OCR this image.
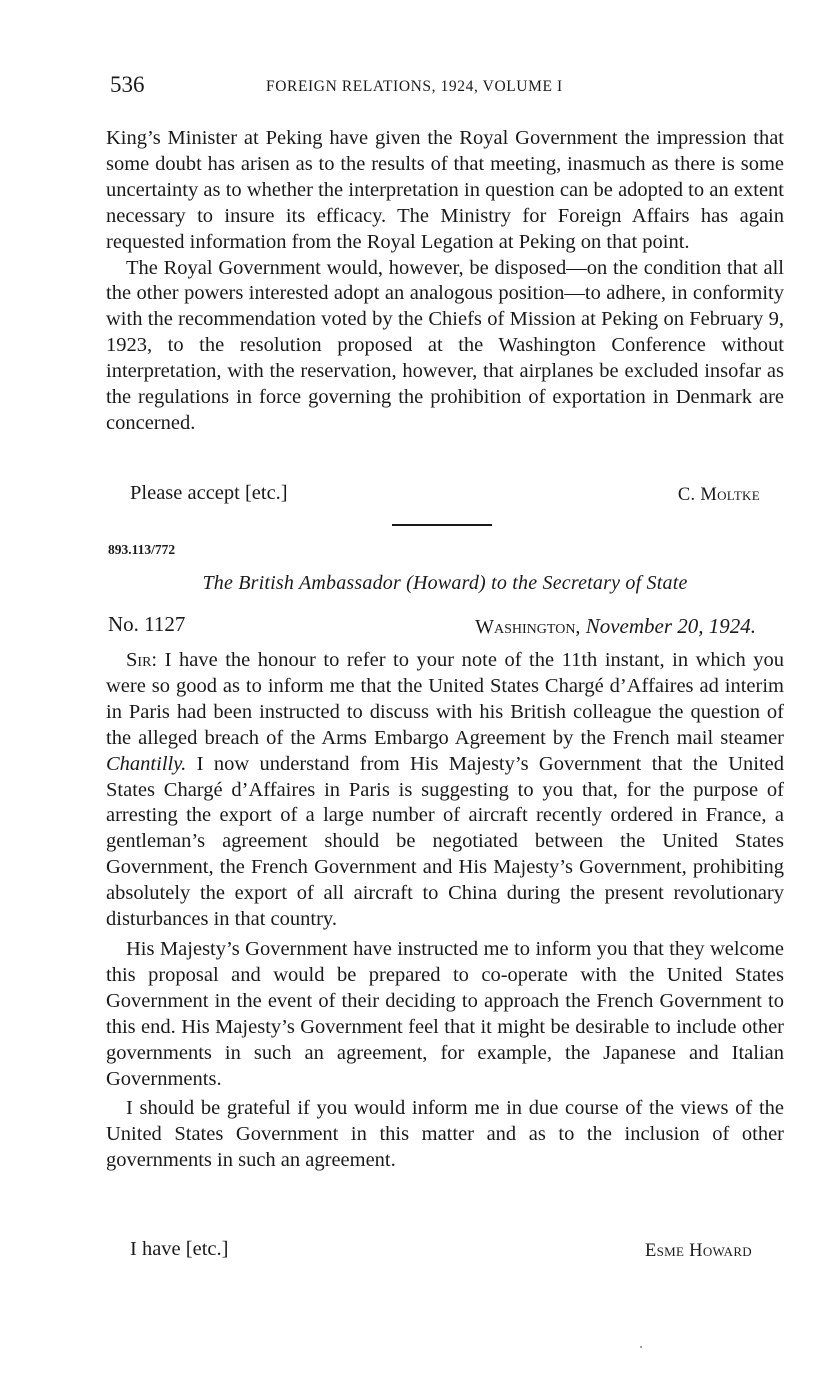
536	FOREIGN RELATIONS, 1924, VOLUME I

King’s Minister at Peking have given the Royal Government the impression that some doubt has arisen as to the results of that meeting, inasmuch as there is some uncertainty as to whether the interpretation in question can be adopted to an extent necessary to insure its efficacy. The Ministry for Foreign Affairs has again requested information from the Royal Legation at Peking on that point.

The Royal Government would, however, be disposed—on the condition that all the other powers interested adopt an analogous position—to adhere, in conformity with the recommendation voted by the Chiefs of Mission at Peking on February 9, 1923, to the resolution proposed at the Washington Conference without interpretation, with the reservation, however, that airplanes be excluded insofar as the regulations in force governing the prohibition of exportation in Denmark are concerned.

Please accept [etc.]	C. Moltke
893.113/772
The British Ambassador (Howard) to the Secretary of State
No. 1127	Washington, November 20, 1924.

Sir: I have the honour to refer to your note of the 11th instant, in which you were so good as to inform me that the United States Chargé d’Affaires ad interim in Paris had been instructed to discuss with his British colleague the question of the alleged breach of the Arms Embargo Agreement by the French mail steamer Chantilly. I now understand from His Majesty’s Government that the United States Chargé d’Affaires in Paris is suggesting to you that, for the purpose of arresting the export of a large number of aircraft recently ordered in France, a gentleman’s agreement should be negotiated between the United States Government, the French Government and His Majesty’s Government, prohibiting absolutely the export of all aircraft to China during the present revolutionary disturbances in that country.

His Majesty’s Government have instructed me to inform you that they welcome this proposal and would be prepared to co-operate with the United States Government in the event of their deciding to approach the French Government to this end. His Majesty’s Government feel that it might be desirable to include other governments in such an agreement, for example, the Japanese and Italian Governments.

I should be grateful if you would inform me in due course of the views of the United States Government in this matter and as to the inclusion of other governments in such an agreement.

I have [etc.]	Esme Howard
